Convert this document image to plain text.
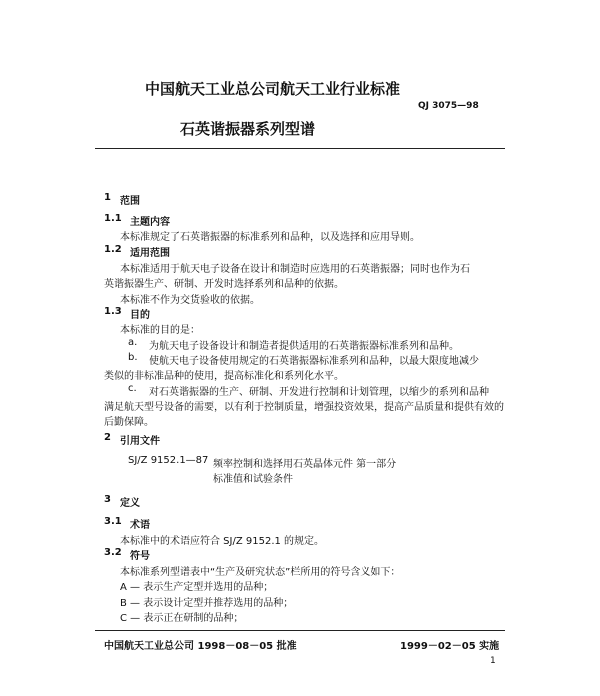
中国航天工业总公司航天工业行业标准
QJ 3075—98
石英谐振器系列型谱
1 范围
1.1 主题内容
本标准规定了石英谐振器的标准系列和品种，以及选择和应用导则。
1.2 适用范围
本标准适用于航天电子设备在设计和制造时应选用的石英谐振器；同时也作为石
英谐振器生产、研制、开发时选择系列和品种的依据。
本标准不作为交货验收的依据。
1.3 目的
本标准的目的是：
a. 为航天电子设备设计和制造者提供适用的石英谐振器标准系列和品种。
b. 使航天电子设备使用规定的石英谐振器标准系列和品种，以最大限度地减少
类似的非标准品种的使用，提高标准化和系列化水平。
c. 对石英谐振器的生产、研制、开发进行控制和计划管理，以缩少的系列和品种
满足航天型号设备的需要，以有利于控制质量，增强投资效果，提高产品质量和提供有效的
后勤保障。
2 引用文件
SJ/Z 9152.1—87 频率控制和选择用石英晶体元件 第一部分
标准值和试验条件
3 定义
3.1 术语
本标准中的术语应符合 SJ/Z 9152.1 的规定。
3.2 符号
本标准系列型谱表中“生产及研究状态”栏所用的符号含义如下：
A — 表示生产定型并选用的品种；
B — 表示设计定型并推荐选用的品种；
C — 表示正在研制的品种；
中国航天工业总公司 1998－08－05 批准	1999－02－05 实施
1
